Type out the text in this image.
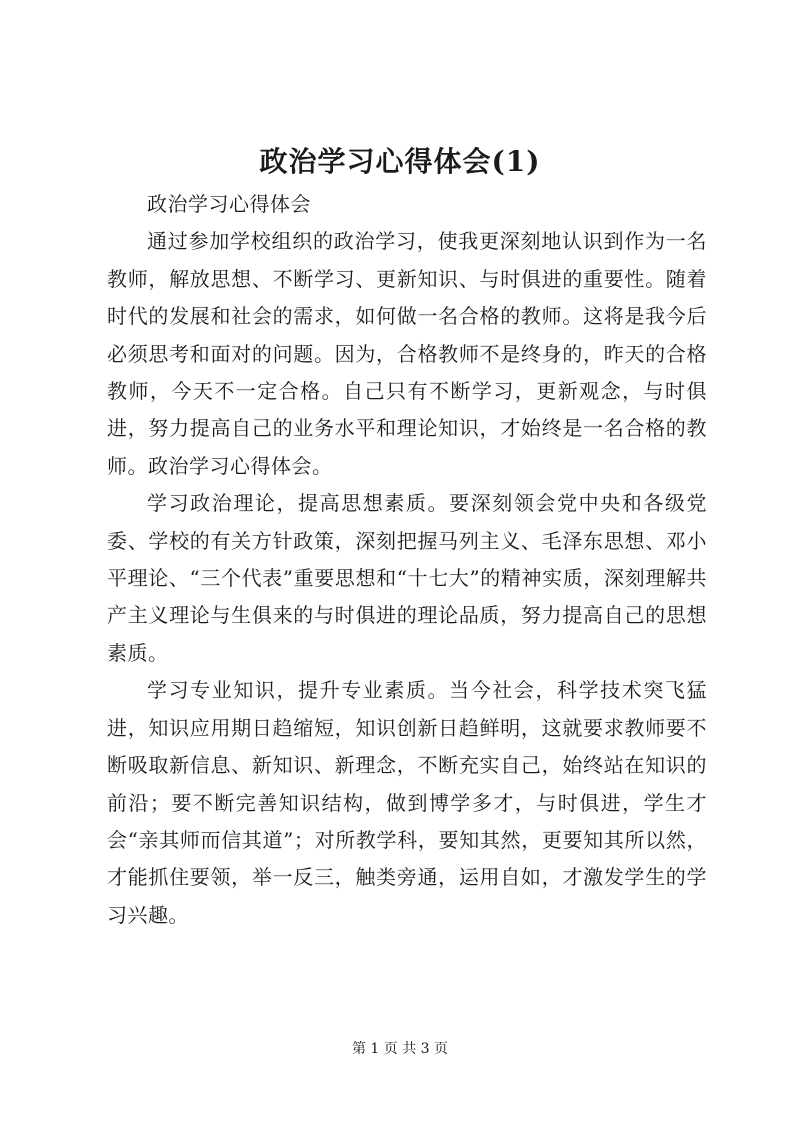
政治学习心得体会(1)

政治学习心得体会

通过参加学校组织的政治学习，使我更深刻地认识到作为一名教师，解放思想、不断学习、更新知识、与时俱进的重要性。随着时代的发展和社会的需求，如何做一名合格的教师。这将是我今后必须思考和面对的问题。因为，合格教师不是终身的，昨天的合格教师，今天不一定合格。自己只有不断学习，更新观念，与时俱进，努力提高自己的业务水平和理论知识，才始终是一名合格的教师。政治学习心得体会。

学习政治理论，提高思想素质。要深刻领会党中央和各级党委、学校的有关方针政策，深刻把握马列主义、毛泽东思想、邓小平理论、“三个代表”重要思想和“十七大”的精神实质，深刻理解共产主义理论与生俱来的与时俱进的理论品质，努力提高自己的思想素质。

学习专业知识，提升专业素质。当今社会，科学技术突飞猛进，知识应用期日趋缩短，知识创新日趋鲜明，这就要求教师要不断吸取新信息、新知识、新理念，不断充实自己，始终站在知识的前沿；要不断完善知识结构，做到博学多才，与时俱进，学生才会“亲其师而信其道”；对所教学科，要知其然，更要知其所以然，才能抓住要领，举一反三，触类旁通，运用自如，才激发学生的学习兴趣。

第 1 页 共 3 页
